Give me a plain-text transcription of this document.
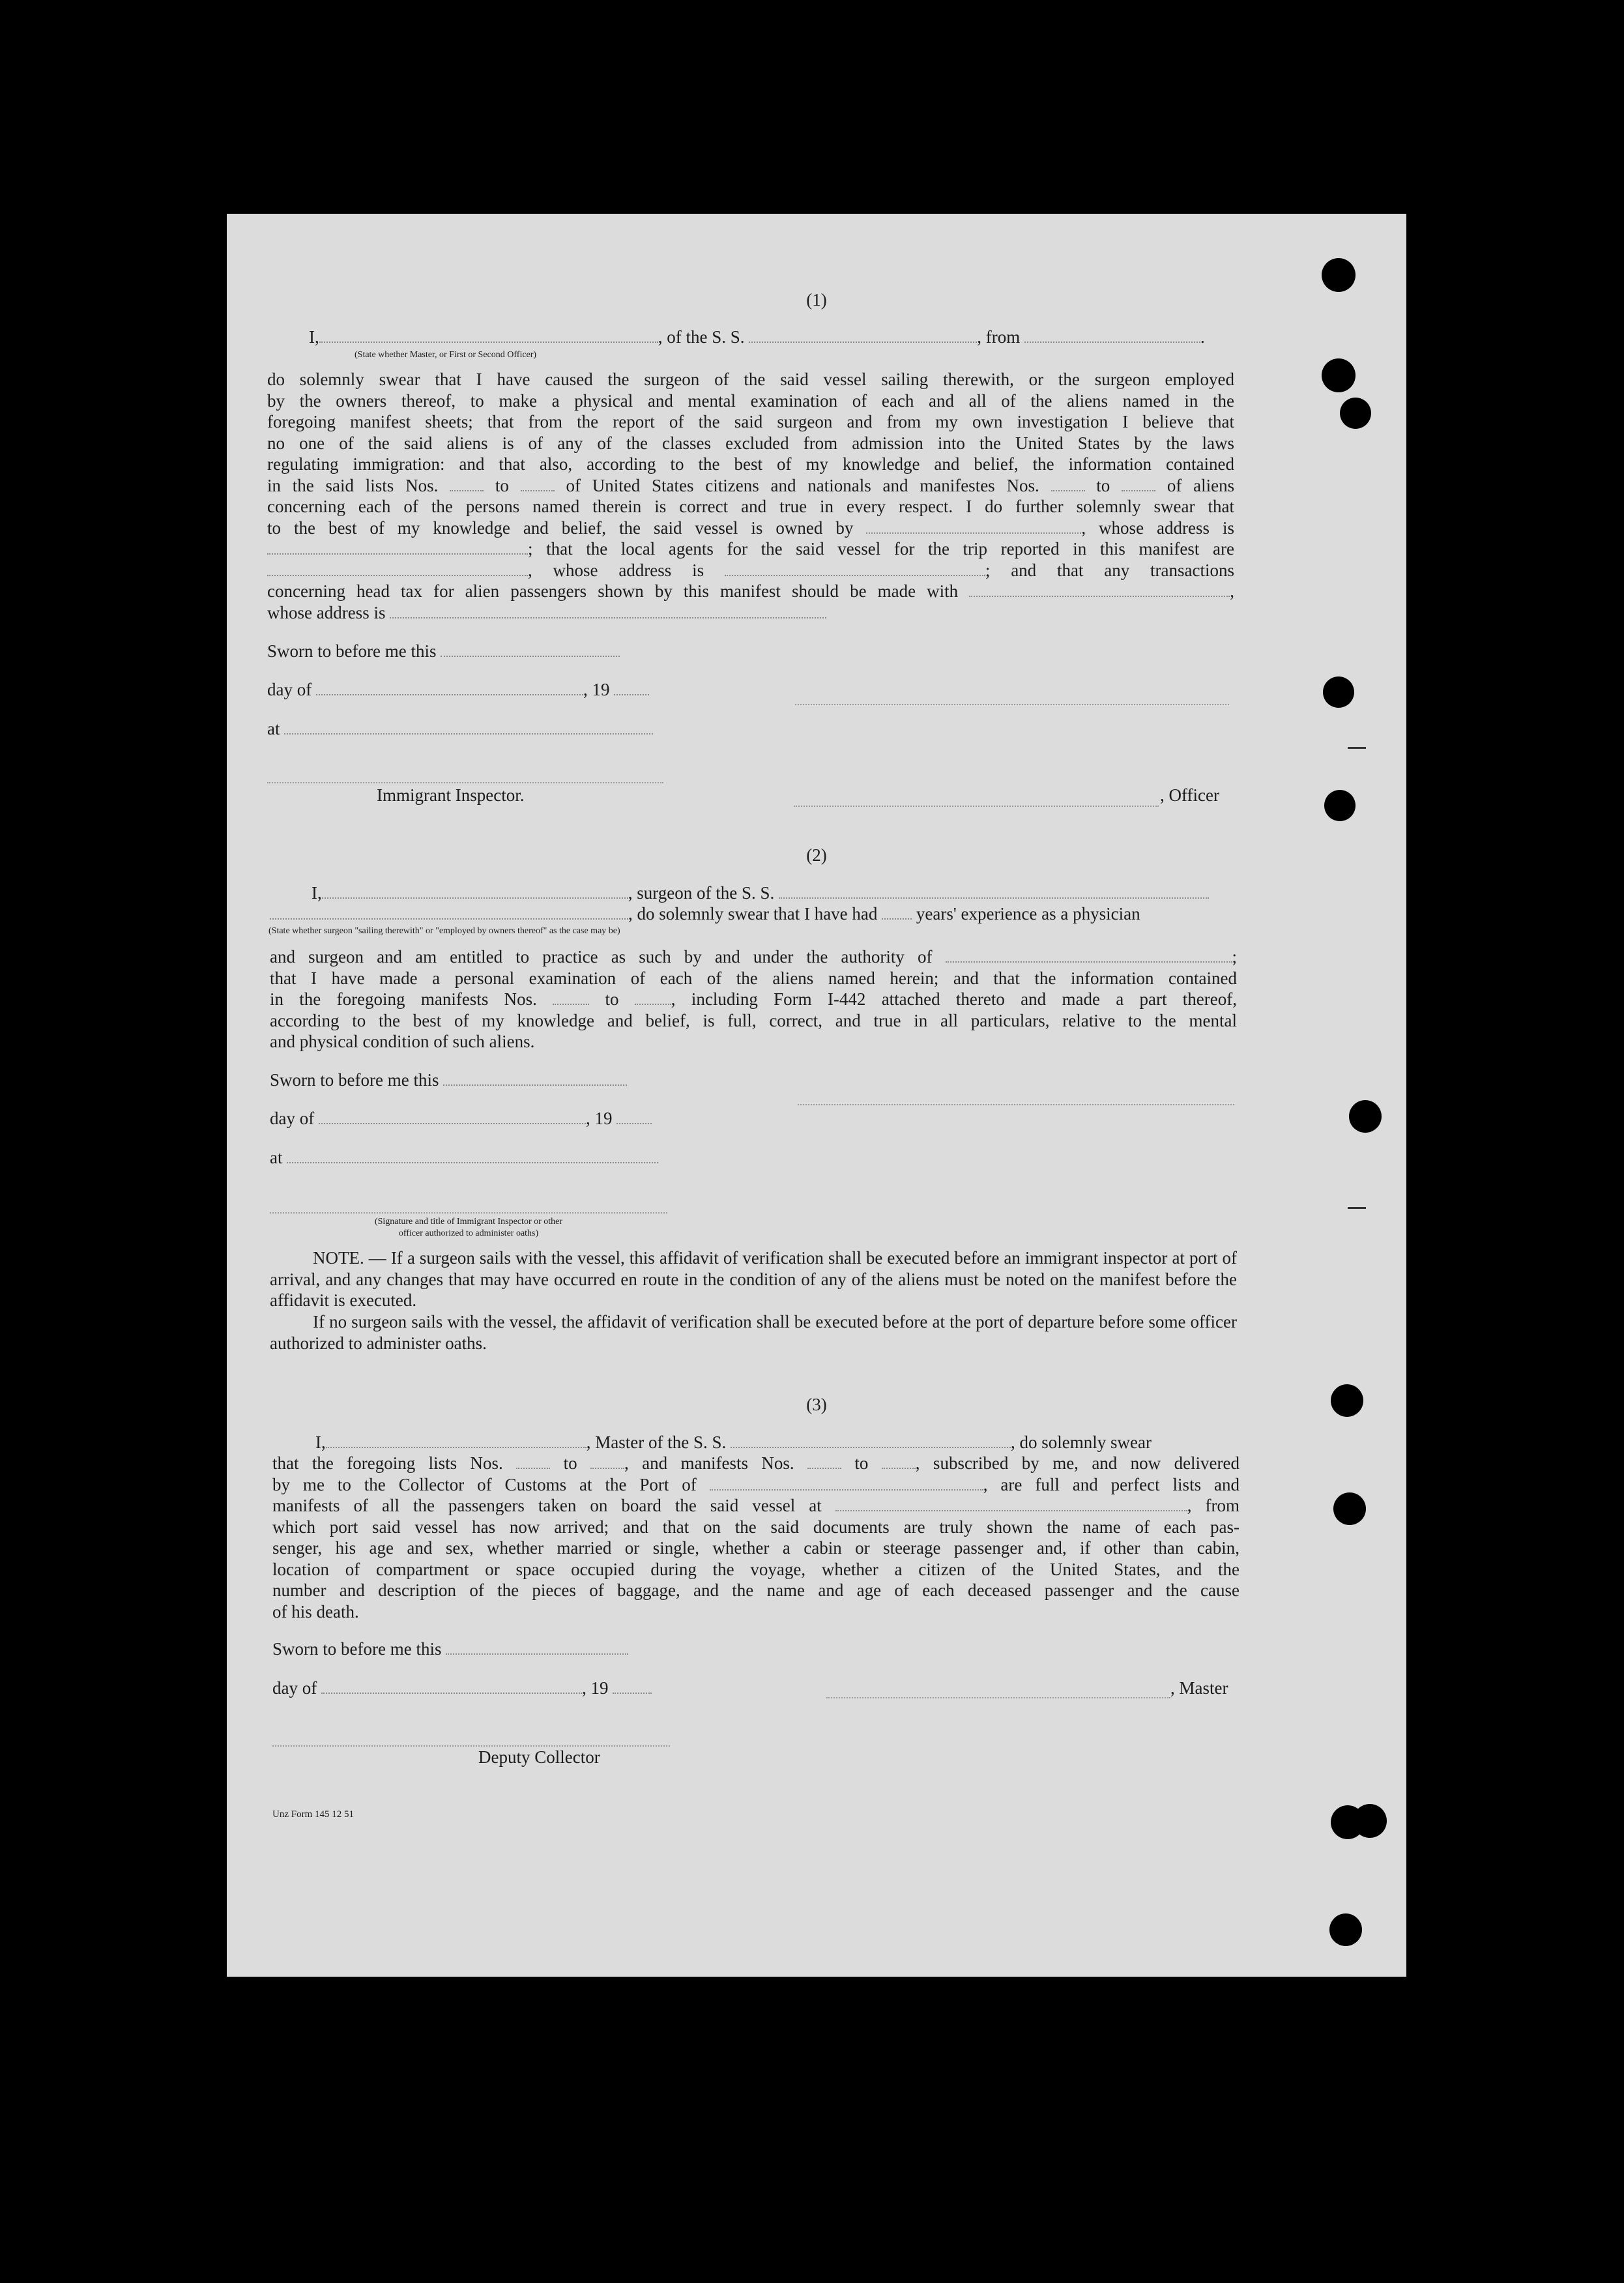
(1)
I,	, of the S. S.	, from	.
(State whether Master, or First or Second Officer)
do solemnly swear that I have caused the surgeon of the said vessel sailing therewith, or the surgeon employed
by the owners thereof, to make a physical and mental examination of each and all of the aliens named in the
foregoing manifest sheets; that from the report of the said surgeon and from my own investigation I believe that
no one of the said aliens is of any of the classes excluded from admission into the United States by the laws
regulating immigration: and that also, according to the best of my knowledge and belief, the information contained
in the said lists Nos.	to	of United States citizens and nationals and manifestes Nos.	to	of aliens
concerning each of the persons named therein is correct and true in every respect. I do further solemnly swear that
to the best of my knowledge and belief, the said vessel is owned by	, whose address is
; that the local agents for the said vessel for the trip reported in this manifest are
, whose address is	; and that any transactions
concerning head tax for alien passengers shown by this manifest should be made with	,
whose address is
Sworn to before me this
day of	, 19
at
Immigrant Inspector.	, Officer
(2)
I,	, surgeon of the S. S.
, do solemnly swear that I have had years' experience as a physician
(State whether surgeon "sailing therewith" or "employed by owners thereof" as the case may be)
and surgeon and am entitled to practice as such by and under the authority of	;
that I have made a personal examination of each of the aliens named herein; and that the information contained
in the foregoing manifests Nos.	to	, including Form I-442 attached thereto and made a part thereof,
according to the best of my knowledge and belief, is full, correct, and true in all particulars, relative to the mental
and physical condition of such aliens.
Sworn to before me this
day of	, 19
at
(Signature and title of Immigrant Inspector or other
officer authorized to administer oaths)
NOTE. — If a surgeon sails with the vessel, this affidavit of verification shall be executed before an immigrant inspector at port of arrival, and any changes that may have occurred en route in the condition of any of the aliens must be noted on the manifest before the affidavit is executed.
If no surgeon sails with the vessel, the affidavit of verification shall be executed before at the port of departure before some officer authorized to administer oaths.
(3)
I,	, Master of the S. S.	, do solemnly swear
that the foregoing lists Nos.	to	, and manifests Nos.	to	, subscribed by me, and now delivered
by me to the Collector of Customs at the Port of	, are full and perfect lists and
manifests of all the passengers taken on board the said vessel at	, from
which port said vessel has now arrived; and that on the said documents are truly shown the name of each pas-
senger, his age and sex, whether married or single, whether a cabin or steerage passenger and, if other than cabin,
location of compartment or space occupied during the voyage, whether a citizen of the United States, and the
number and description of the pieces of baggage, and the name and age of each deceased passenger and the cause
of his death.
Sworn to before me this
day of	, 19	, Master
Deputy Collector
Unz Form 145 12 51
